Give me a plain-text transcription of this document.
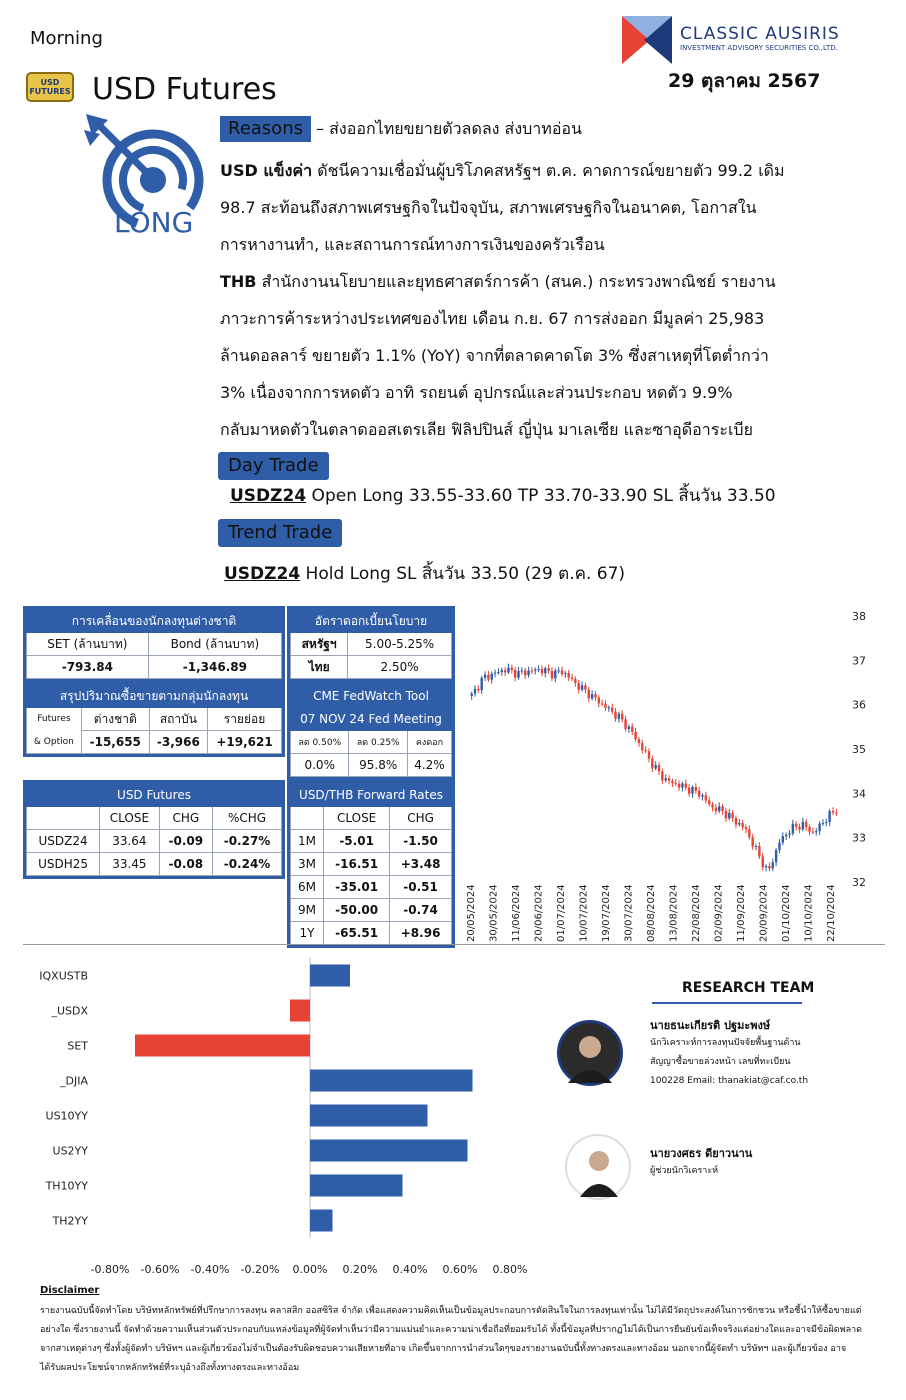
Morning	CLASSIC AUSIRIS
INVESTMENT ADVISORY SECURITIES CO.,LTD.
29 ตุลาคม 2567
USD FUTURES USD Futures
LONG
Reasons – ส่งออกไทยขยายตัวลดลง ส่งบาทอ่อน
USD แข็งค่า ดัชนีความเชื่อมั่นผู้บริโภคสหรัฐฯ ต.ค. คาดการณ์ขยายตัว 99.2 เดิม
98.7 สะท้อนถึงสภาพเศรษฐกิจในปัจจุบัน, สภาพเศรษฐกิจในอนาคต, โอกาสใน
การหางานทำ, และสถานการณ์ทางการเงินของครัวเรือน
THB สำนักงานนโยบายและยุทธศาสตร์การค้า (สนค.) กระทรวงพาณิชย์ รายงาน
ภาวะการค้าระหว่างประเทศของไทย เดือน ก.ย. 67 การส่งออก มีมูลค่า 25,983
ล้านดอลลาร์ ขยายตัว 1.1% (YoY) จากที่ตลาดคาดโต 3% ซึ่งสาเหตุที่โตต่ำกว่า
3% เนื่องจากการหดตัว อาทิ รถยนต์ อุปกรณ์และส่วนประกอบ หดตัว 9.9%
กลับมาหดตัวในตลาดออสเตรเลีย ฟิลิปปินส์ ญี่ปุ่น มาเลเซีย และซาอุดีอาระเบีย
Day Trade
USDZ24 Open Long 33.55-33.60 TP 33.70-33.90 SL สิ้นวัน 33.50
Trend Trade
USDZ24 Hold Long SL สิ้นวัน 33.50 (29 ต.ค. 67)
การเคลื่อนของนักลงทุนต่างชาติ	
SET (ล้านบาท)	Bond (ล้านบาท)
-793.84	-1,346.89
อัตราดอกเบี้ยนโยบาย	
สหรัฐฯ	5.00-5.25%
ไทย	2.50%
สรุปปริมาณซื้อขายตามกลุ่มนักลงทุน			
Futures	ต่างชาติ	สถาบัน	รายย่อย
& Option	-15,655	-3,966	+19,621
CME FedWatch Tool		
07 NOV 24 Fed Meeting		
ลด 0.50%	ลด 0.25%	คงดอก
0.0%	95.8%	4.2%
USD Futures			
	CLOSE	CHG	%CHG
USDZ24	33.64	-0.09	-0.27%
USDH25	33.45	-0.08	-0.24%
USD/THB Forward Rates		
	CLOSE	CHG
1M	-5.01	-1.50
3M	-16.51	+3.48
6M	-35.01	-0.51
9M	-50.00	-0.74
1Y	-65.51	+8.96
38
37
36
35
34
33
32
20/05/2024 30/05/2024 11/06/2024 20/06/2024 01/07/2024 10/07/2024 19/07/2024 30/07/2024 08/08/2024 13/08/2024 22/08/2024 02/09/2024 11/09/2024 20/09/2024 01/10/2024 10/10/2024 22/10/2024
IQXUSTB
_USDX
SET
_DJIA
US10YY
US2YY
TH10YY
TH2YY
-0.80% -0.60% -0.40% -0.20% 0.00% 0.20% 0.40% 0.60% 0.80%
RESEARCH TEAM
นายธนะเกียรติ ปฐมะพงษ์
นักวิเคราะห์การลงทุนปัจจัยพื้นฐานด้าน
สัญญาซื้อขายล่วงหน้า เลขที่ทะเบียน
100228 Email: thanakiat@caf.co.th
นายวงศธร ดียาวนาน
ผู้ช่วยนักวิเคราะห์
Disclaimer
รายงานฉบับนี้จัดทำโดย บริษัทหลักทรัพย์ที่ปรึกษาการลงทุน คลาสสิก ออสซิริส จำกัด เพื่อแสดงความคิดเห็นเป็นข้อมูลประกอบการตัดสินใจในการลงทุนเท่านั้น ไม่ได้มีวัตถุประสงค์ในการชักชวน หรือชี้นำให้ซื้อขายแต่
อย่างใด ซึ่งรายงานนี้ จัดทำด้วยความเห็นส่วนตัวประกอบกับแหล่งข้อมูลที่ผู้จัดทำเห็นว่ามีความแม่นยำและความน่าเชื่อถือที่ยอมรับได้ ทั้งนี้ข้อมูลที่ปรากฏไม่ได้เป็นการยืนยันข้อเท็จจริงแต่อย่างใดและอาจมีข้อผิดพลาด
จากสาเหตุต่างๆ ซึ่งทั้งผู้จัดทำ บริษัทฯ และผู้เกี่ยวข้องไม่จำเป็นต้องรับผิดชอบความเสียหายที่อาจ เกิดขึ้นจากการนำส่วนใดๆของรายงานฉบับนี้ทั้งทางตรงและทางอ้อม นอกจากนี้ผู้จัดทำ บริษัทฯ และผู้เกี่ยวข้อง อาจ
ได้รับผลประโยชน์จากหลักทรัพย์ที่ระบุอ้างถึงทั้งทางตรงและทางอ้อม
